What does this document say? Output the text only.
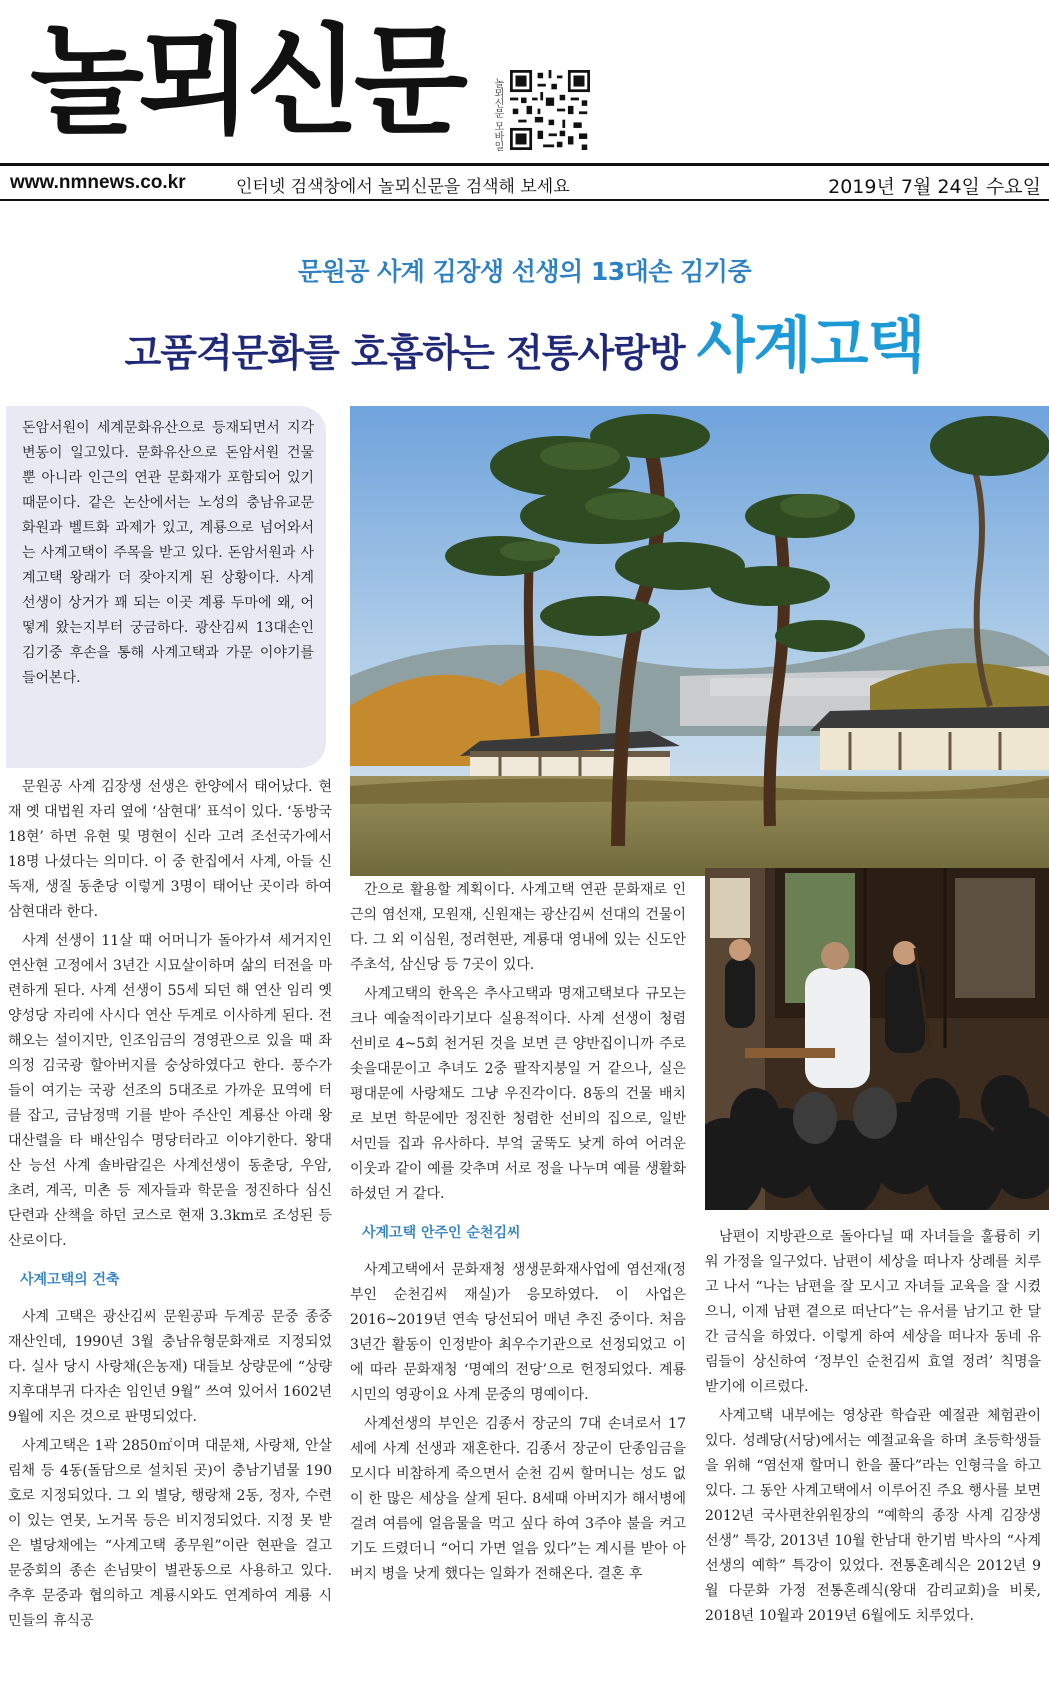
놀뫼신문	놀뫼신문 모바일
www.nmnews.co.kr	인터넷 검색창에서 놀뫼신문을 검색해 보세요	2019년 7월 24일 수요일
문원공 사계 김장생 선생의 13대손 김기중
고품격문화를 호흡하는 전통사랑방 사계고택
돈암서원이 세계문화유산으로 등재되면서 지각변동이 일고있다. 문화유산으로 돈암서원 건물뿐 아니라 인근의 연관 문화재가 포함되어 있기 때문이다. 같은 논산에서는 노성의 충남유교문화원과 벨트화 과제가 있고, 계룡으로 넘어와서는 사계고택이 주목을 받고 있다. 돈암서원과 사계고택 왕래가 더 잦아지게 된 상황이다. 사계 선생이 상거가 꽤 되는 이곳 계룡 두마에 왜, 어떻게 왔는지부터 궁금하다. 광산김씨 13대손인 김기중 후손을 통해 사계고택과 가문 이야기를 들어본다.

문원공 사계 김장생 선생은 한양에서 태어났다. 현재 옛 대법원 자리 옆에 ‘삼현대’ 표석이 있다. ‘동방국18현’ 하면 유현 및 명현이 신라 고려 조선국가에서 18명 나셨다는 의미다. 이 중 한집에서 사계, 아들 신독재, 생질 동춘당 이렇게 3명이 태어난 곳이라 하여 삼현대라 한다.

사계 선생이 11살 때 어머니가 돌아가셔 세거지인 연산현 고정에서 3년간 시묘살이하며 삶의 터전을 마련하게 된다. 사계 선생이 55세 되던 해 연산 임리 옛 양성당 자리에 사시다 연산 두계로 이사하게 된다. 전해오는 설이지만, 인조임금의 경영관으로 있을 때 좌의정 김국광 할아버지를 숭상하였다고 한다. 풍수가들이 여기는 국광 선조의 5대조로 가까운 묘역에 터를 잡고, 금남정맥 기를 받아 주산인 계룡산 아래 왕대산렬을 타 배산임수 명당터라고 이야기한다. 왕대산 능선 사계 솔바람길은 사계선생이 동춘당, 우암, 초려, 계곡, 미촌 등 제자들과 학문을 정진하다 심신단련과 산책을 하던 코스로 현재 3.3km로 조성된 등산로이다.

사계고택의 건축

사계 고택은 광산김씨 문원공파 두계공 문중 종중 재산인데, 1990년 3월 충남유형문화재로 지정되었다. 실사 당시 사랑채(은농재) 대들보 상량문에 “상량지후대부귀 다자손 임인년 9월” 쓰여 있어서 1602년 9월에 지은 것으로 판명되었다.

사계고택은 1곽 2850㎡이며 대문채, 사랑채, 안살림채 등 4동(돌담으로 설치된 곳)이 충남기념물 190호로 지정되었다. 그 외 별당, 행랑채 2동, 정자, 수련이 있는 연못, 노거목 등은 비지정되었다. 지정 못 받은 별당채에는 “사계고택 종무원”이란 현판을 걸고 문중회의 종손 손님맞이 별관동으로 사용하고 있다. 추후 문중과 협의하고 계룡시와도 연계하여 계룡 시민들의 휴식공

간으로 활용할 계획이다. 사계고택 연관 문화재로 인근의 염선재, 모원재, 신원재는 광산김씨 선대의 건물이다. 그 외 이심원, 정려현판, 계룡대 영내에 있는 신도안 주초석, 삼신당 등 7곳이 있다.

사계고택의 한옥은 추사고택과 명재고택보다 규모는 크나 예술적이라기보다 실용적이다. 사계 선생이 청렴선비로 4~5회 천거된 것을 보면 큰 양반집이니까 주로 솟을대문이고 추녀도 2중 팔작지붕일 거 같으나, 실은 평대문에 사랑채도 그냥 우진각이다. 8동의 건물 배치로 보면 학문에만 정진한 청렴한 선비의 집으로, 일반 서민들 집과 유사하다. 부엌 굴뚝도 낮게 하여 어려운 이웃과 같이 예를 갖추며 서로 정을 나누며 예를 생활화하셨던 거 같다.

사계고택 안주인 순천김씨

사계고택에서 문화재청 생생문화재사업에 염선재(정부인 순천김씨 재실)가 응모하였다. 이 사업은 2016~2019년 연속 당선되어 매년 추진 중이다. 처음 3년간 활동이 인정받아 최우수기관으로 선정되었고 이에 따라 문화재청 ‘명예의 전당’으로 헌정되었다. 계룡 시민의 영광이요 사계 문중의 명예이다.

사계선생의 부인은 김종서 장군의 7대 손녀로서 17세에 사계 선생과 재혼한다. 김종서 장군이 단종임금을 모시다 비참하게 죽으면서 순천 김씨 할머니는 성도 없이 한 많은 세상을 살게 된다. 8세때 아버지가 해서병에 걸려 여름에 얼음물을 먹고 싶다 하여 3주야 불을 켜고 기도 드렸더니 “어디 가면 얼음 있다”는 계시를 받아 아버지 병을 낫게 했다는 일화가 전해온다. 결혼 후

남편이 지방관으로 돌아다닐 때 자녀들을 훌륭히 키워 가정을 일구었다. 남편이 세상을 떠나자 상례를 치루고 나서 “나는 남편을 잘 모시고 자녀들 교육을 잘 시켰으니, 이제 남편 곁으로 떠난다”는 유서를 남기고 한 달간 금식을 하였다. 이렇게 하여 세상을 떠나자 동네 유림들이 상신하여 ‘정부인 순천김씨 효열 정려’ 칙명을 받기에 이르렀다.

사계고택 내부에는 영상관 학습관 예절관 체험관이 있다. 성례당(서당)에서는 예절교육을 하며 초등학생들을 위해 “염선재 할머니 한을 풀다”라는 인형극을 하고 있다. 그 동안 사계고택에서 이루어진 주요 행사를 보면 2012년 국사편찬위원장의 “예학의 종장 사계 김장생 선생” 특강, 2013년 10월 한남대 한기범 박사의 “사계선생의 예학” 특강이 있었다. 전통혼례식은 2012년 9월 다문화 가정 전통혼례식(왕대 감리교회)을 비롯, 2018년 10월과 2019년 6월에도 치루었다.
